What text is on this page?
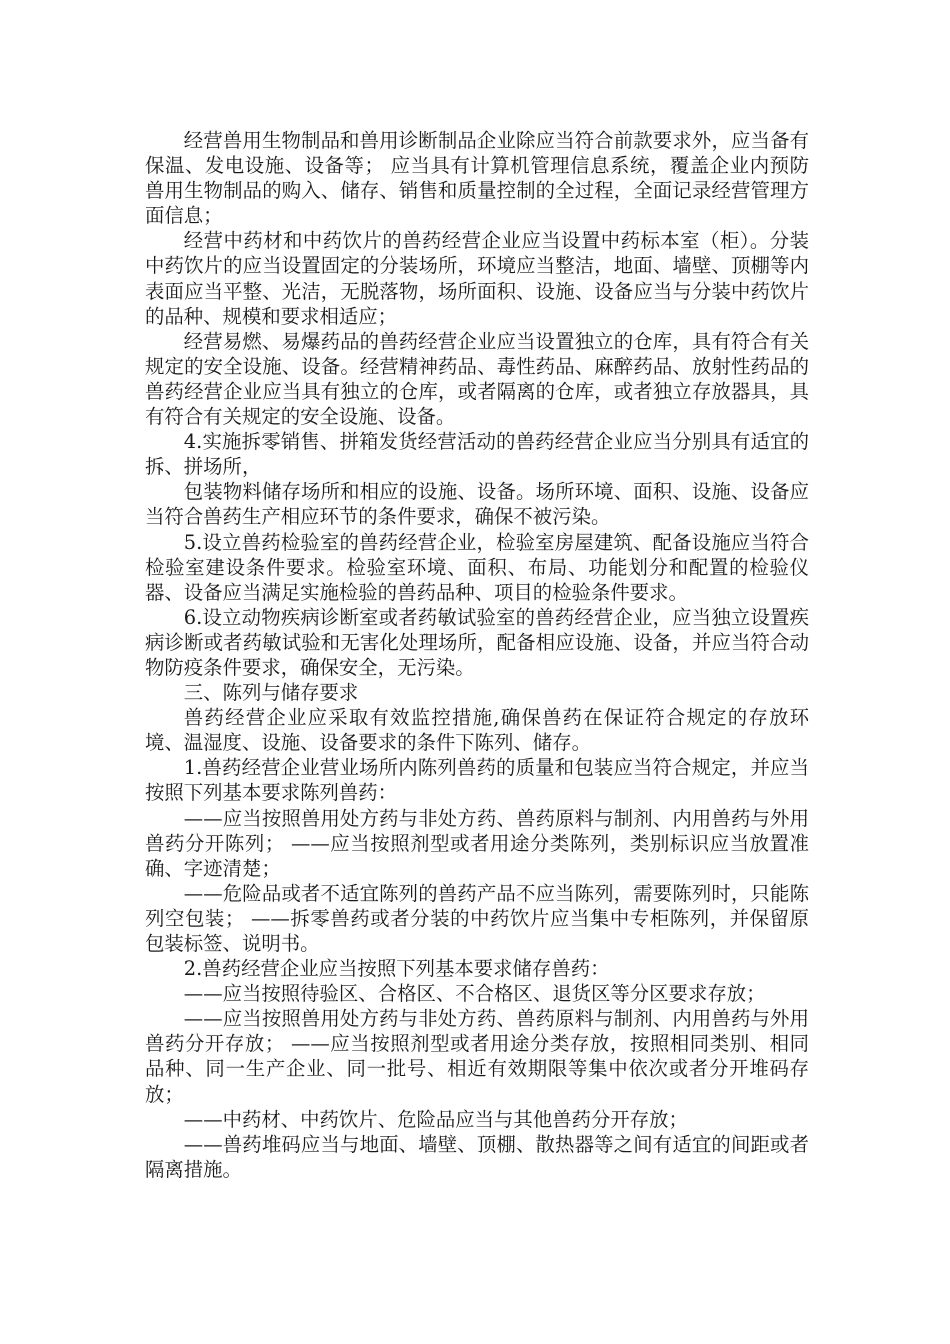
经营兽用生物制品和兽用诊断制品企业除应当符合前款要求外，应当备有保温、发电设施、设备等； 应当具有计算机管理信息系统，覆盖企业内预防兽用生物制品的购入、储存、销售和质量控制的全过程，全面记录经营管理方面信息；

经营中药材和中药饮片的兽药经营企业应当设置中药标本室（柜）。分装中药饮片的应当设置固定的分装场所，环境应当整洁，地面、墙壁、顶棚等内表面应当平整、光洁，无脱落物，场所面积、设施、设备应当与分装中药饮片的品种、规模和要求相适应；

经营易燃、易爆药品的兽药经营企业应当设置独立的仓库，具有符合有关规定的安全设施、设备。经营精神药品、毒性药品、麻醉药品、放射性药品的兽药经营企业应当具有独立的仓库，或者隔离的仓库，或者独立存放器具，具有符合有关规定的安全设施、设备。

4.实施拆零销售、拼箱发货经营活动的兽药经营企业应当分别具有适宜的拆、拼场所，

包装物料储存场所和相应的设施、设备。场所环境、面积、设施、设备应当符合兽药生产相应环节的条件要求，确保不被污染。

5.设立兽药检验室的兽药经营企业，检验室房屋建筑、配备设施应当符合检验室建设条件要求。检验室环境、面积、布局、功能划分和配置的检验仪器、设备应当满足实施检验的兽药品种、项目的检验条件要求。

6.设立动物疾病诊断室或者药敏试验室的兽药经营企业，应当独立设置疾病诊断或者药敏试验和无害化处理场所，配备相应设施、设备，并应当符合动物防疫条件要求，确保安全，无污染。

三、陈列与储存要求

兽药经营企业应采取有效监控措施,确保兽药在保证符合规定的存放环境、温湿度、设施、设备要求的条件下陈列、储存。

1.兽药经营企业营业场所内陈列兽药的质量和包装应当符合规定，并应当按照下列基本要求陈列兽药：

——应当按照兽用处方药与非处方药、兽药原料与制剂、内用兽药与外用兽药分开陈列； ——应当按照剂型或者用途分类陈列，类别标识应当放置准确、字迹清楚；

——危险品或者不适宜陈列的兽药产品不应当陈列，需要陈列时，只能陈列空包装； ——拆零兽药或者分装的中药饮片应当集中专柜陈列，并保留原包装标签、说明书。

2.兽药经营企业应当按照下列基本要求储存兽药：

——应当按照待验区、合格区、不合格区、退货区等分区要求存放；

——应当按照兽用处方药与非处方药、兽药原料与制剂、内用兽药与外用兽药分开存放； ——应当按照剂型或者用途分类存放，按照相同类别、相同品种、同一生产企业、同一批号、相近有效期限等集中依次或者分开堆码存放；

——中药材、中药饮片、危险品应当与其他兽药分开存放；

——兽药堆码应当与地面、墙壁、顶棚、散热器等之间有适宜的间距或者隔离措施。
